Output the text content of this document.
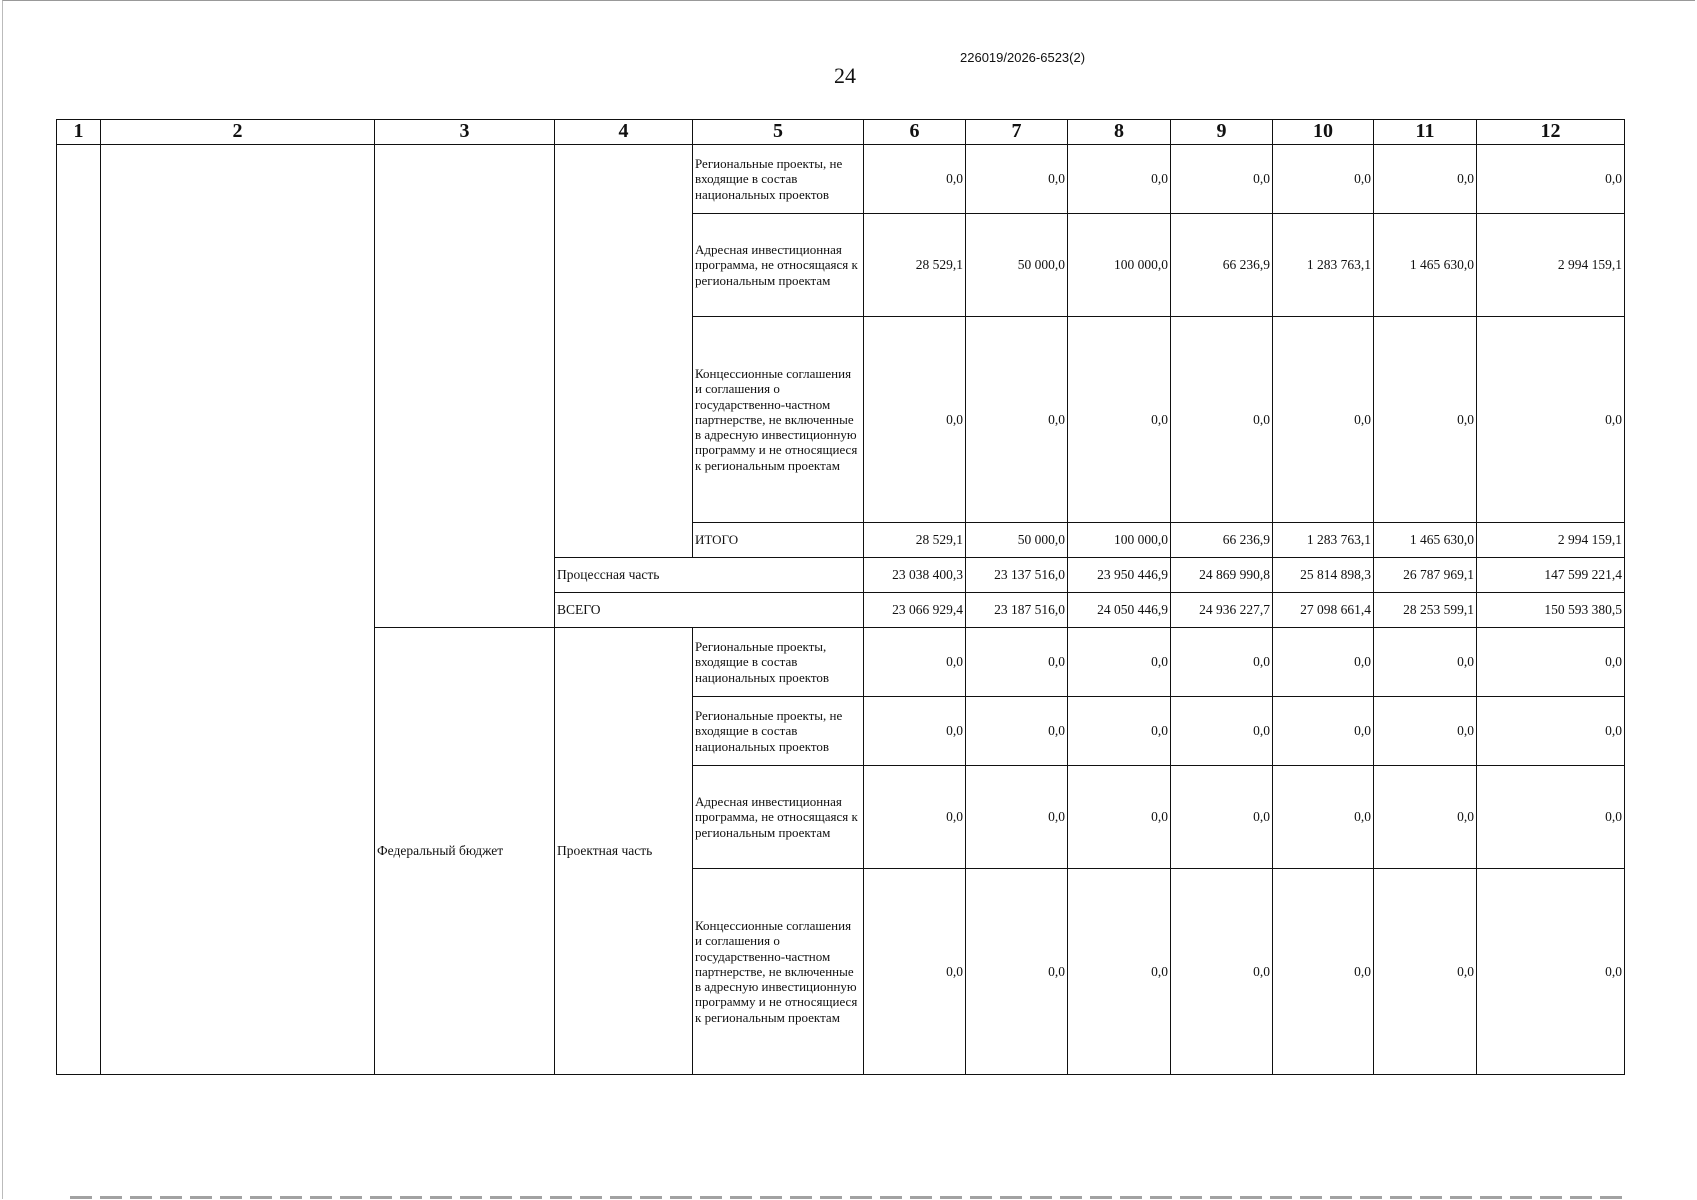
226019/2026-6523(2)
24
1	2	3	4	5	6	7	8	9	10	11	12
				Региональные проекты, не входящие в состав национальных проектов	0,0	0,0	0,0	0,0	0,0	0,0	0,0
				Адресная инвестиционная программа, не относящаяся к региональным проектам	28 529,1	50 000,0	100 000,0	66 236,9	1 283 763,1	1 465 630,0	2 994 159,1
				Концессионные соглашения и соглашения о государственно-частном партнерстве, не включенные в адресную инвестиционную программу и не относящиеся к региональным проектам	0,0	0,0	0,0	0,0	0,0	0,0	0,0
				ИТОГО	28 529,1	50 000,0	100 000,0	66 236,9	1 283 763,1	1 465 630,0	2 994 159,1
			Процессная часть		23 038 400,3	23 137 516,0	23 950 446,9	24 869 990,8	25 814 898,3	26 787 969,1	147 599 221,4
			ВСЕГО		23 066 929,4	23 187 516,0	24 050 446,9	24 936 227,7	27 098 661,4	28 253 599,1	150 593 380,5
		Федеральный бюджет	Проектная часть	Региональные проекты, входящие в состав национальных проектов	0,0	0,0	0,0	0,0	0,0	0,0	0,0
				Региональные проекты, не входящие в состав национальных проектов	0,0	0,0	0,0	0,0	0,0	0,0	0,0
				Адресная инвестиционная программа, не относящаяся к региональным проектам	0,0	0,0	0,0	0,0	0,0	0,0	0,0
				Концессионные соглашения и соглашения о государственно-частном партнерстве, не включенные в адресную инвестиционную программу и не относящиеся к региональным проектам	0,0	0,0	0,0	0,0	0,0	0,0	0,0
